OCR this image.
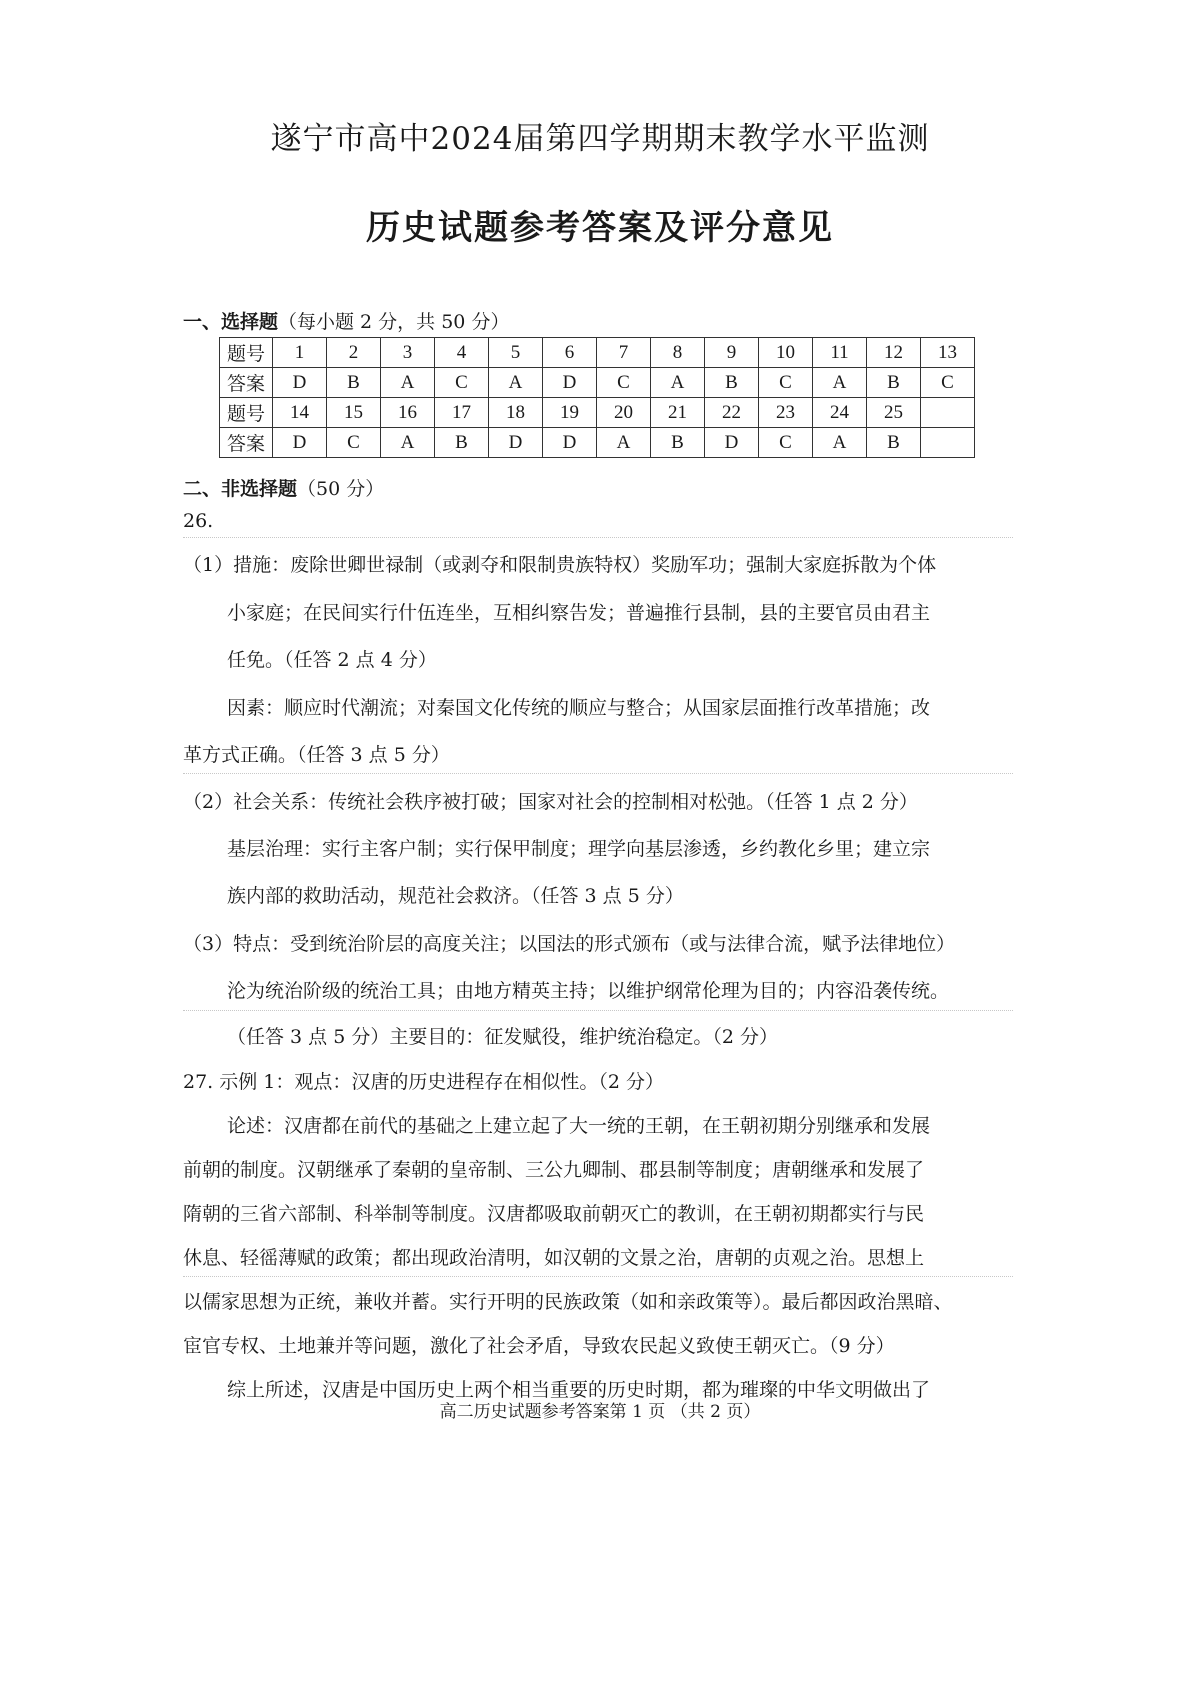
遂宁市高中2024届第四学期期末教学水平监测
历史试题参考答案及评分意见
一、选择题（每小题 2 分，共 50 分）
题号	1	2	3	4	5	6	7	8	9	10	11	12	13
答案	D	B	A	C	A	D	C	A	B	C	A	B	C
题号	14	15	16	17	18	19	20	21	22	23	24	25	
答案	D	C	A	B	D	D	A	B	D	C	A	B	
二、非选择题（50 分）
26.
（1）措施：废除世卿世禄制（或剥夺和限制贵族特权）奖励军功；强制大家庭拆散为个体
小家庭；在民间实行什伍连坐，互相纠察告发；普遍推行县制，县的主要官员由君主
任免。（任答 2 点 4 分）
因素：顺应时代潮流；对秦国文化传统的顺应与整合；从国家层面推行改革措施；改
革方式正确。（任答 3 点 5 分）
（2）社会关系：传统社会秩序被打破；国家对社会的控制相对松弛。（任答 1 点 2 分）
基层治理：实行主客户制；实行保甲制度；理学向基层渗透，乡约教化乡里；建立宗
族内部的救助活动，规范社会救济。（任答 3 点 5 分）
（3）特点：受到统治阶层的高度关注；以国法的形式颁布（或与法律合流，赋予法律地位）
沦为统治阶级的统治工具；由地方精英主持；以维护纲常伦理为目的；内容沿袭传统。
（任答 3 点 5 分）主要目的：征发赋役，维护统治稳定。（2 分）
27. 示例 1：观点：汉唐的历史进程存在相似性。（2 分）
论述：汉唐都在前代的基础之上建立起了大一统的王朝，在王朝初期分别继承和发展
前朝的制度。汉朝继承了秦朝的皇帝制、三公九卿制、郡县制等制度；唐朝继承和发展了
隋朝的三省六部制、科举制等制度。汉唐都吸取前朝灭亡的教训，在王朝初期都实行与民
休息、轻徭薄赋的政策；都出现政治清明，如汉朝的文景之治，唐朝的贞观之治。思想上
以儒家思想为正统，兼收并蓄。实行开明的民族政策（如和亲政策等）。最后都因政治黑暗、
宦官专权、土地兼并等问题，激化了社会矛盾，导致农民起义致使王朝灭亡。（9 分）
高二历史试题参考答案第 1 页 （共 2 页）
综上所述，汉唐是中国历史上两个相当重要的历史时期，都为璀璨的中华文明做出了
